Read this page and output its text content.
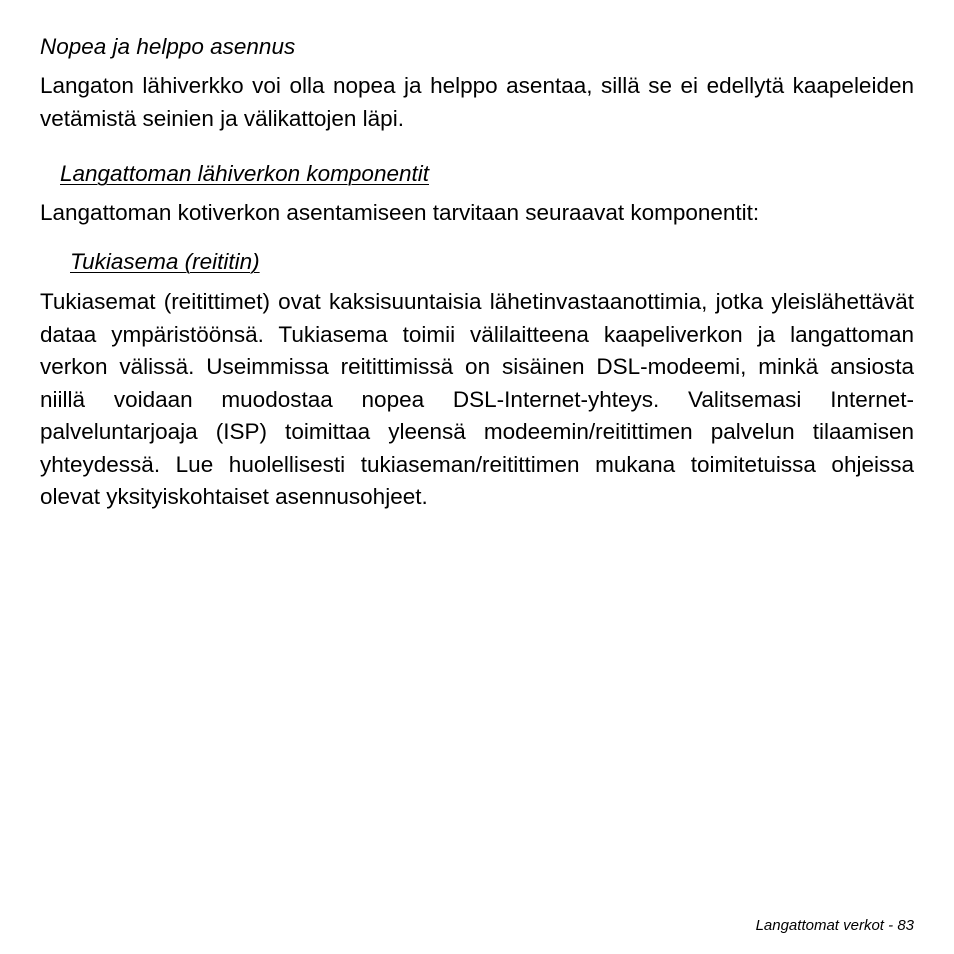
Nopea ja helppo asennus

Langaton lähiverkko voi olla nopea ja helppo asentaa, sillä se ei edellytä kaapeleiden vetämistä seinien ja välikattojen läpi.

Langattoman lähiverkon komponentit

Langattoman kotiverkon asentamiseen tarvitaan seuraavat komponentit:

Tukiasema (reititin)

Tukiasemat (reitittimet) ovat kaksisuuntaisia lähetinvastaanottimia, jotka yleislähettävät dataa ympäristöönsä. Tukiasema toimii välilaitteena kaapeliverkon ja langattoman verkon välissä. Useimmissa reitittimissä on sisäinen DSL-modeemi, minkä ansiosta niillä voidaan muodostaa nopea DSL-Internet-yhteys. Valitsemasi Internet-palveluntarjoaja (ISP) toimittaa yleensä modeemin/reitittimen palvelun tilaamisen yhteydessä. Lue huolellisesti tukiaseman/reitittimen mukana toimitetuissa ohjeissa olevat yksityiskohtaiset asennusohjeet.

Langattomat verkot - 83
